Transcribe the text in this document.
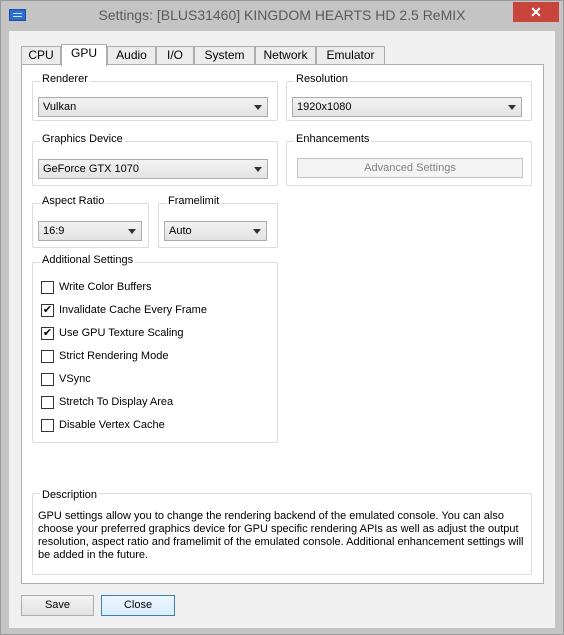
Settings: [BLUS31460] KINGDOM HEARTS HD 2.5 ReMIX	✕
CPU	GPU	Audio	I/O	System	Network	Emulator
Renderer
Vulkan
Resolution
1920x1080
Graphics Device
GeForce GTX 1070
Enhancements
Advanced Settings
Aspect Ratio
16:9
Framelimit
Auto
Additional Settings
Write Color Buffers
✔ Invalidate Cache Every Frame
✔ Use GPU Texture Scaling
Strict Rendering Mode
VSync
Stretch To Display Area
Disable Vertex Cache
Description
GPU settings allow you to change the rendering backend of the emulated console. You can also choose your preferred graphics device for GPU specific rendering APIs as well as adjust the output resolution, aspect ratio and framelimit of the emulated console. Additional enhancement settings will be added in the future.
Save	Close
